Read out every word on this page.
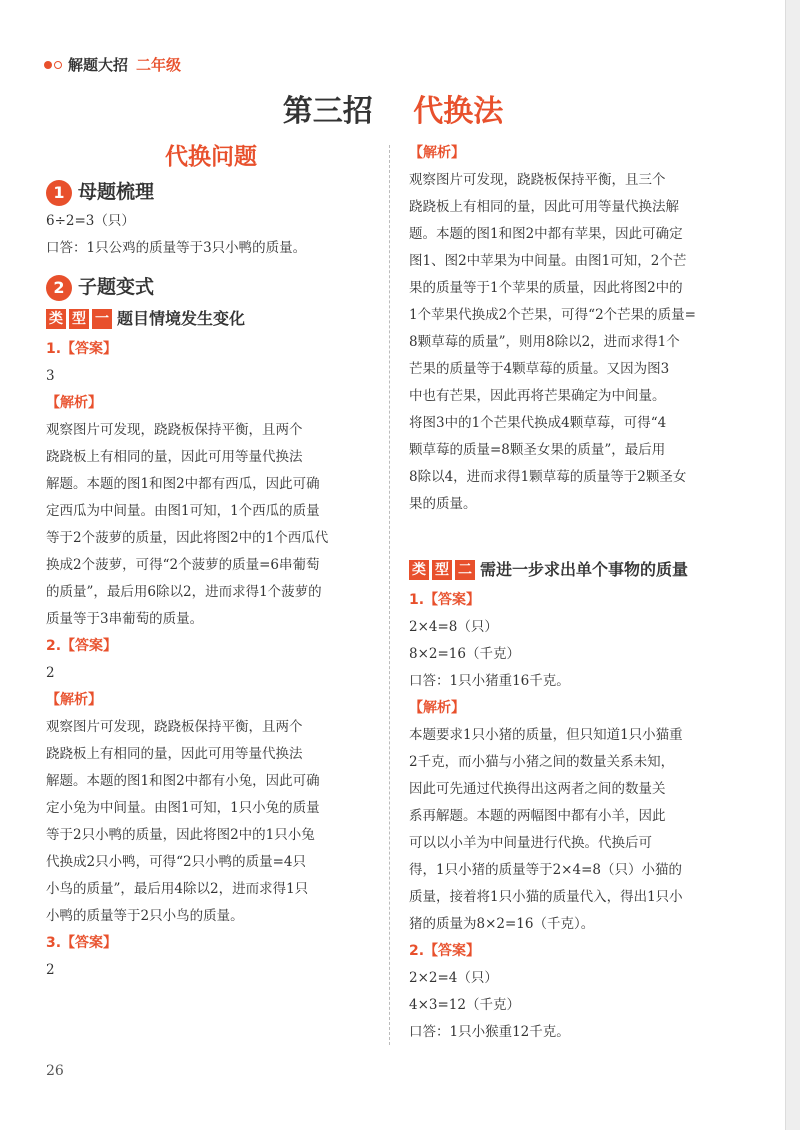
解题大招 二年级
第三招 代换法
代换问题
1 母题梳理
6÷2=3（只）
口答：1只公鸡的质量等于3只小鸭的质量。
2 子题变式
类 型 一 题目情境发生变化
1.【答案】
3
【解析】
观察图片可发现，跷跷板保持平衡，且两个
跷跷板上有相同的量，因此可用等量代换法
解题。本题的图1和图2中都有西瓜，因此可确
定西瓜为中间量。由图1可知，1个西瓜的质量
等于2个菠萝的质量，因此将图2中的1个西瓜代
换成2个菠萝，可得“2个菠萝的质量=6串葡萄
的质量”，最后用6除以2，进而求得1个菠萝的
质量等于3串葡萄的质量。
2.【答案】
2
【解析】
观察图片可发现，跷跷板保持平衡，且两个
跷跷板上有相同的量，因此可用等量代换法
解题。本题的图1和图2中都有小兔，因此可确
定小兔为中间量。由图1可知，1只小兔的质量
等于2只小鸭的质量，因此将图2中的1只小兔
代换成2只小鸭，可得“2只小鸭的质量=4只
小鸟的质量”，最后用4除以2，进而求得1只
小鸭的质量等于2只小鸟的质量。
3.【答案】
2
【解析】
观察图片可发现，跷跷板保持平衡，且三个
跷跷板上有相同的量，因此可用等量代换法解
题。本题的图1和图2中都有苹果，因此可确定
图1、图2中苹果为中间量。由图1可知，2个芒
果的质量等于1个苹果的质量，因此将图2中的
1个苹果代换成2个芒果，可得“2个芒果的质量=
8颗草莓的质量”，则用8除以2，进而求得1个
芒果的质量等于4颗草莓的质量。又因为图3
中也有芒果，因此再将芒果确定为中间量。
将图3中的1个芒果代换成4颗草莓，可得“4
颗草莓的质量=8颗圣女果的质量”，最后用
8除以4，进而求得1颗草莓的质量等于2颗圣女
果的质量。
类 型 二 需进一步求出单个事物的质量
1.【答案】
2×4=8（只）
8×2=16（千克）
口答：1只小猪重16千克。
【解析】
本题要求1只小猪的质量，但只知道1只小猫重
2千克，而小猫与小猪之间的数量关系未知，
因此可先通过代换得出这两者之间的数量关
系再解题。本题的两幅图中都有小羊，因此
可以以小羊为中间量进行代换。代换后可
得，1只小猪的质量等于2×4=8（只）小猫的
质量，接着将1只小猫的质量代入，得出1只小
猪的质量为8×2=16（千克）。
2.【答案】
2×2=4（只）
4×3=12（千克）
口答：1只小猴重12千克。
26
